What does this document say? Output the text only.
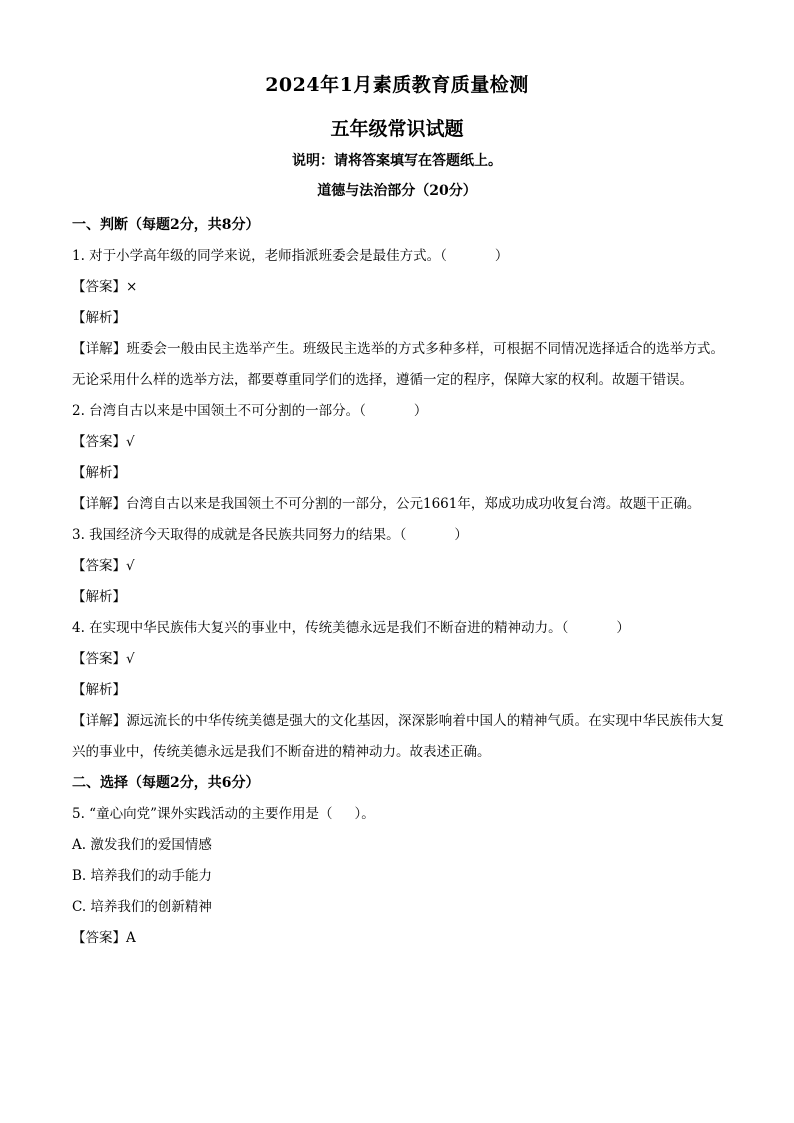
2024年1月素质教育质量检测
五年级常识试题
说明：请将答案填写在答题纸上。
道德与法治部分（20分）
一、判断（每题2分，共8分）
1. 对于小学高年级的同学来说，老师指派班委会是最佳方式。（	）
【答案】×
【解析】
【详解】班委会一般由民主选举产生。班级民主选举的方式多种多样，可根据不同情况选择适合的选举方式。无论采用什么样的选举方法，都要尊重同学们的选择，遵循一定的程序，保障大家的权利。故题干错误。
2. 台湾自古以来是中国领土不可分割的一部分。（	）
【答案】√
【解析】
【详解】台湾自古以来是我国领土不可分割的一部分，公元1661年，郑成功成功收复台湾。故题干正确。
3. 我国经济今天取得的成就是各民族共同努力的结果。（	）
【答案】√
【解析】
4. 在实现中华民族伟大复兴的事业中，传统美德永远是我们不断奋进的精神动力。（	）
【答案】√
【解析】
【详解】源远流长的中华传统美德是强大的文化基因，深深影响着中国人的精神气质。在实现中华民族伟大复兴的事业中，传统美德永远是我们不断奋进的精神动力。故表述正确。
二、选择（每题2分，共6分）
5. “童心向党”课外实践活动的主要作用是（ ）。
A. 激发我们的爱国情感
B. 培养我们的动手能力
C. 培养我们的创新精神
【答案】A
